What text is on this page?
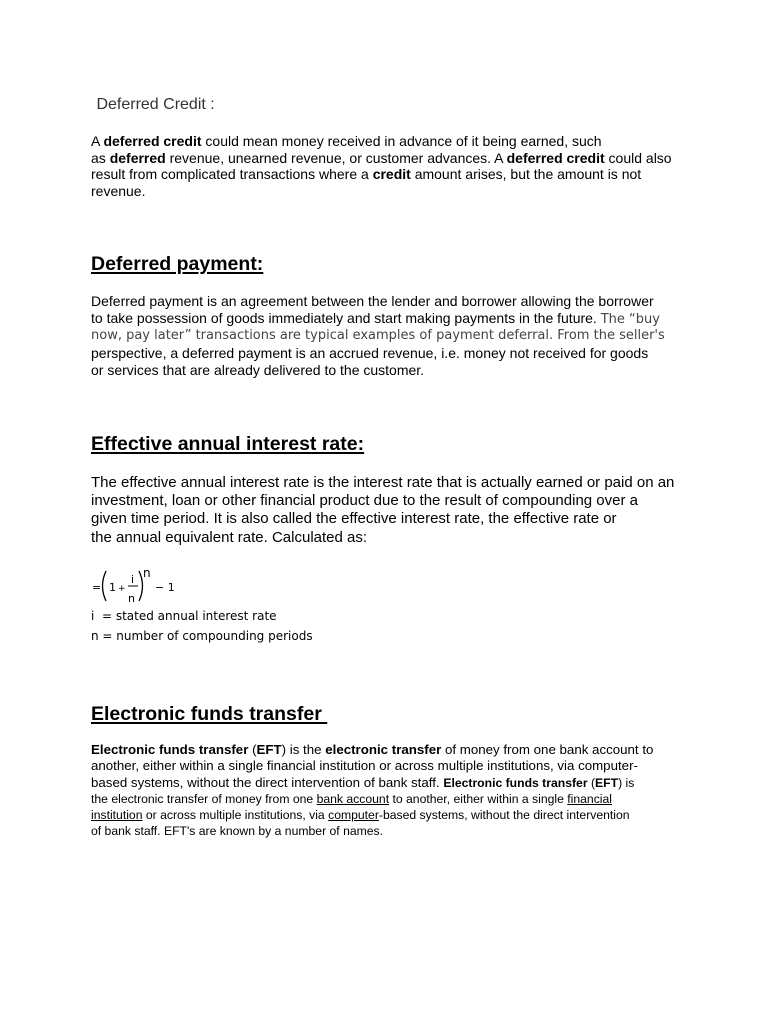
Deferred Credit :
A deferred credit could mean money received in advance of it being earned, such
as deferred revenue, unearned revenue, or customer advances. A deferred credit could also
result from complicated transactions where a credit amount arises, but the amount is not
revenue.
Deferred payment:
Deferred payment is an agreement between the lender and borrower allowing the borrower
to take possession of goods immediately and start making payments in the future. The “buy
now, pay later” transactions are typical examples of payment deferral. From the seller's
perspective, a deferred payment is an accrued revenue, i.e. money not received for goods
or services that are already delivered to the customer.
Effective annual interest rate:
The effective annual interest rate is the interest rate that is actually earned or paid on an
investment, loan or other financial product due to the result of compounding over a
given time period. It is also called the effective interest rate, the effective rate or
the annual equivalent rate. Calculated as:
= 1 +
i
n
n
− 1
i  = stated annual interest rate
n = number of compounding periods
Electronic funds transfer
Electronic funds transfer (EFT) is the electronic transfer of money from one bank account to
another, either within a single financial institution or across multiple institutions, via computer-
based systems, without the direct intervention of bank staff. Electronic funds transfer (EFT) is
the electronic transfer of money from one bank account to another, either within a single financial
institution or across multiple institutions, via computer-based systems, without the direct intervention
of bank staff. EFT's are known by a number of names.
